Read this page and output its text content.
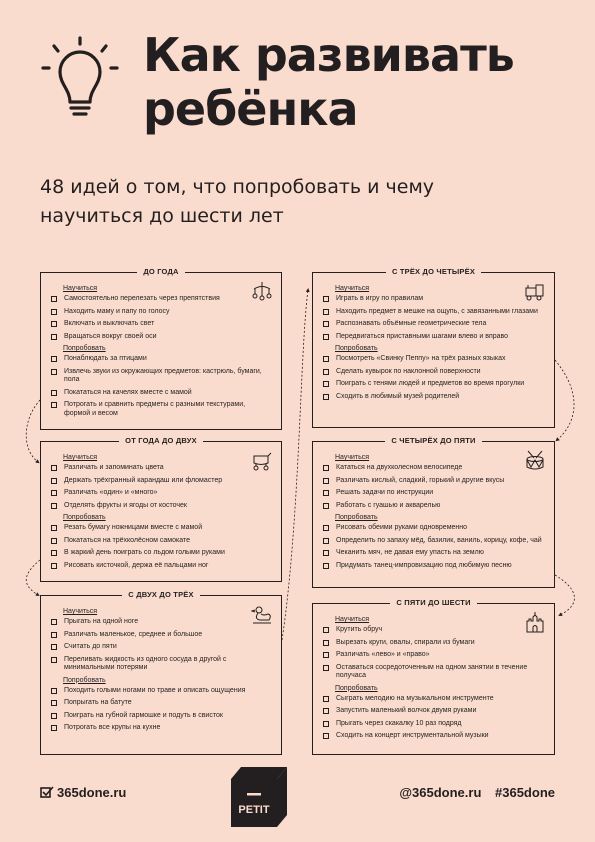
Как развивать
ребёнка
48 идей о том, что попробовать и чему
научиться до шести лет
ДО ГОДА
Научиться
Самостоятельно перелезать через препятствия
Находить маму и папу по голосу
Включать и выключать свет
Вращаться вокруг своей оси
Попробовать
Понаблюдать за птицами
Извлечь звуки из окружающих предметов: кастрюль, бумаги, пола
Покататься на качелях вместе с мамой
Потрогать и сравнить предметы с разными текстурами, формой и весом
ОТ ГОДА ДО ДВУХ
Научиться
Различать и запоминать цвета
Держать трёхгранный карандаш или фломастер
Различать «один» и «много»
Отделять фрукты и ягоды от косточек
Попробовать
Резать бумагу ножницами вместе с мамой
Покататься на трёхколёсном самокате
В жаркий день поиграть со льдом голыми руками
Рисовать кисточкой, держа её пальцами ног
С ДВУХ ДО ТРЁХ
Научиться
Прыгать на одной ноге
Различать маленькое, среднее и большое
Считать до пяти
Переливать жидкость из одного сосуда в другой с минимальными потерями
Попробовать
Походить голыми ногами по траве и описать ощущения
Попрыгать на батуте
Поиграть на губной гармошке и подуть в свисток
Потрогать все крупы на кухне
С ТРЁХ ДО ЧЕТЫРЁХ
Научиться
Играть в игру по правилам
Находить предмет в мешке на ощупь, с завязанными глазами
Распознавать объёмные геометрические тела
Передвигаться приставными шагами влево и вправо
Попробовать
Посмотреть «Свинку Пеппу» на трёх разных языках
Сделать кувырок по наклонной поверхности
Поиграть с тенями людей и предметов во время прогулки
Сходить в любимый музей родителей
С ЧЕТЫРЁХ ДО ПЯТИ
Научиться
Кататься на двухколесном велосипеде
Различать кислый, сладкий, горький и другие вкусы
Решать задачи по инструкции
Работать с гуашью и акварелью
Попробовать
Рисовать обеими руками одновременно
Определить по запаху мёд, базилик, ваниль, корицу, кофе, чай
Чеканить мяч, не давая ему упасть на землю
Придумать танец-импровизацию под любимую песню
С ПЯТИ ДО ШЕСТИ
Научиться
Крутить обруч
Вырезать круги, овалы, спирали из бумаги
Различать «лево» и «право»
Оставаться сосредоточенным на одном занятии в течение получаса
Попробовать
Сыграть мелодию на музыкальном инструменте
Запустить маленький волчок двумя руками
Прыгать через скакалку 10 раз подряд
Сходить на концерт инструментальной музыки
365done.ru
PETIT
@365done.ru #365done
